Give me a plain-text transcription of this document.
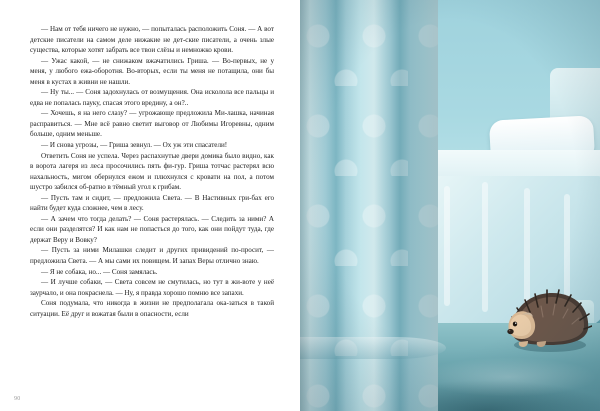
— Нам от тебя ничего не нужно, — попыталась расположить Соня. — А вот детские писатели на самом деле нижакие не дет-ские писатели, а очень злые существа, которые хотят забрать все твои слёзы и немножко крови.

— Ужас какой, — не снижаком вжачатились Гриша. — Во-первых, не у меня, у любого ежа-оборотня. Во-вторых, если ты меня не потащила, они бы меня в кустах в живни не нашли.

— Ну ты... — Соня задохнулась от возмущения. Она исколола все пальцы и едва не попалась пауку, спасая этого вредину, а он?..

— Хочешь, я на него слазу? — угрожающе предложила Ми-лашка, начиная расправиться. — Мне всё равно светит выговор от Любимы Игоревны, одним больше, одним меньше.

— И снова угрозы, — Гриша зевнул. — Ох уж эти спасатели!

Ответить Соня не успела. Через распахнутые двери домика было видно, как в ворота лагеря из леса просочились пять фи-гур. Гриша тотчас растерял всю нахальность, мигом обернулся ежом и плюхнулся с кровати на пол, а потом шустро забился об-ратно в тёмный угол к грибам.

— Пусть там и сидит, — предложила Света. — В Настивных гри-бах его найти будет куда сложнее, чем в лесу.

— А зачем что тогда делать? — Соня растерялась. — Следить за ними? А если они разделятся? И как нам не попасться до того, как они пойдут туда, где держат Веру и Вовку?

— Пусть за ними Милашки следит и других привидений по-просит, — предложила Света. — А мы сами их повищем. И запах Веры отлично знаю.

— Я не собака, но... — Соня замялась.

— И лучше собаки, — Света совсем не смутилась, но тут в жи-воте у неё заурчало, и она покраснела. — Ну, я правда хорошо помню все запахи.

Соня подумала, что никогда в жизни не предполагала ока-заться в такой ситуации. Её друг и вожатая были в опасности, если

90
